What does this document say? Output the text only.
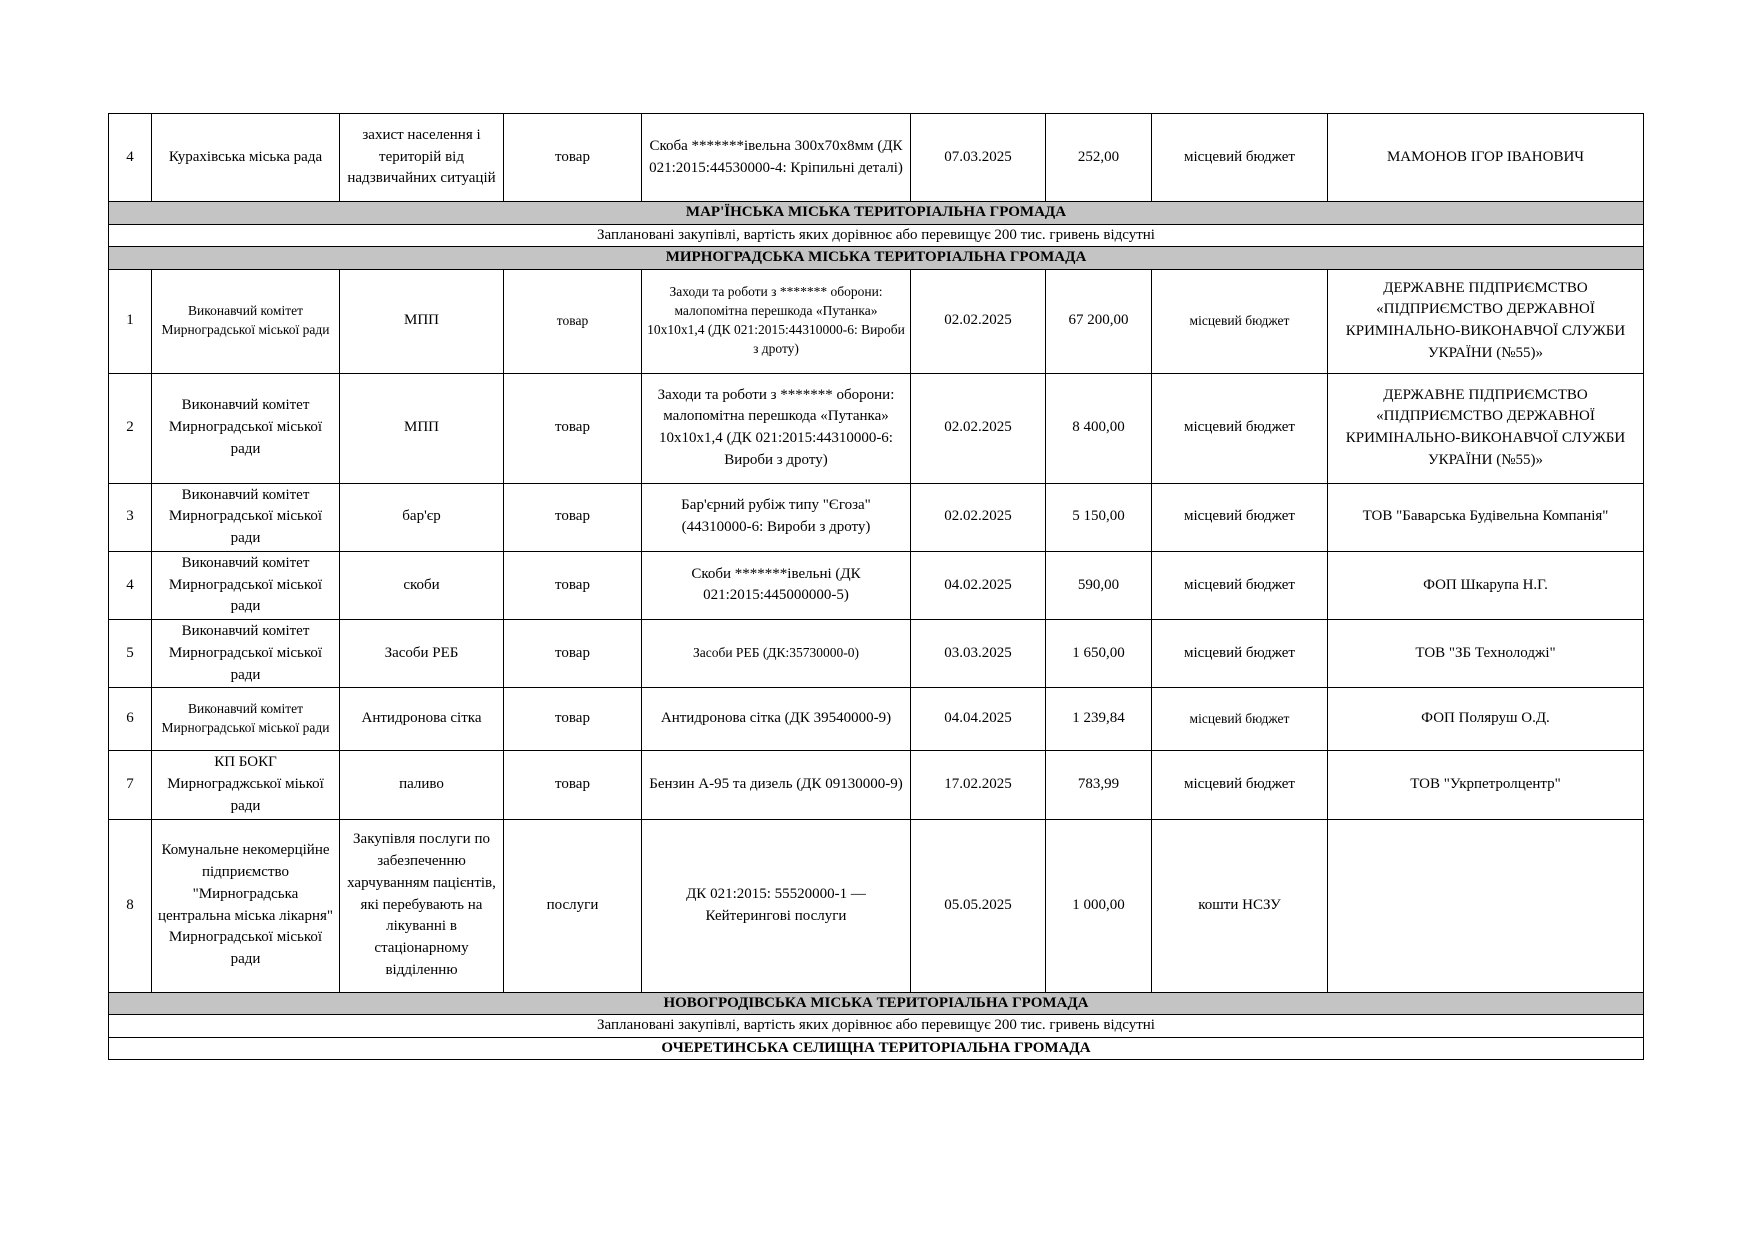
4	Курахівська міська рада	захист населення і територій від надзвичайних ситуацій	товар	Скоба *******івельна 300х70х8мм (ДК 021:2015:44530000-4: Кріпильні деталі)	07.03.2025	252,00	місцевий бюджет	МАМОНОВ ІГОР ІВАНОВИЧ
МАР'ЇНСЬКА МІСЬКА ТЕРИТОРІАЛЬНА ГРОМАДА								
Заплановані закупівлі, вартість яких дорівнює або перевищує 200 тис. гривень відсутні								
МИРНОГРАДСЬКА МІСЬКА ТЕРИТОРІАЛЬНА ГРОМАДА								
1	Виконавчий комітет Мирноградської міської ради	МПП	товар	Заходи та роботи з ******* оборони: малопомітна перешкода «Путанка» 10х10х1,4 (ДК 021:2015:44310000-6: Вироби з дроту)	02.02.2025	67 200,00	місцевий бюджет	ДЕРЖАВНЕ ПІДПРИЄМСТВО «ПІДПРИЄМСТВО ДЕРЖАВНОЇ КРИМІНАЛЬНО-ВИКОНАВЧОЇ СЛУЖБИ УКРАЇНИ (№55)»
2	Виконавчий комітет Мирноградської міської ради	МПП	товар	Заходи та роботи з ******* оборони: малопомітна перешкода «Путанка» 10х10х1,4 (ДК 021:2015:44310000-6: Вироби з дроту)	02.02.2025	8 400,00	місцевий бюджет	ДЕРЖАВНЕ ПІДПРИЄМСТВО «ПІДПРИЄМСТВО ДЕРЖАВНОЇ КРИМІНАЛЬНО-ВИКОНАВЧОЇ СЛУЖБИ УКРАЇНИ (№55)»
3	Виконавчий комітет Мирноградської міської ради	бар'єр	товар	Бар'єрний рубіж типу "Єгоза" (44310000-6: Вироби з дроту)	02.02.2025	5 150,00	місцевий бюджет	ТОВ "Баварська Будівельна Компанія"
4	Виконавчий комітет Мирноградської міської ради	скоби	товар	Скоби *******івельні (ДК 021:2015:445000000-5)	04.02.2025	590,00	місцевий бюджет	ФОП Шкарупа Н.Г.
5	Виконавчий комітет Мирноградської міської ради	Засоби РЕБ	товар	Засоби РЕБ (ДК:35730000-0)	03.03.2025	1 650,00	місцевий бюджет	ТОВ "ЗБ Технолоджі"
6	Виконавчий комітет Мирноградської міської ради	Антидронова сітка	товар	Антидронова сітка (ДК 39540000-9)	04.04.2025	1 239,84	місцевий бюджет	ФОП Поляруш О.Д.
7	КП БОКГ Мирнограджської міької ради	паливо	товар	Бензин А-95 та дизель (ДК 09130000-9)	17.02.2025	783,99	місцевий бюджет	ТОВ "Укрпетролцентр"
8	Комунальне некомерційне підприємство "Мирноградська центральна міська лікарня" Мирноградської міської ради	Закупівля послуги по забезпеченню харчуванням пацієнтів, які перебувають на лікуванні в стаціонарному відділенню	послуги	ДК 021:2015: 55520000-1 — Кейтерингові послуги	05.05.2025	1 000,00	кошти НСЗУ	
НОВОГРОДІВСЬКА МІСЬКА ТЕРИТОРІАЛЬНА ГРОМАДА								
Заплановані закупівлі, вартість яких дорівнює або перевищує 200 тис. гривень відсутні								
ОЧЕРЕТИНСЬКА СЕЛИЩНА ТЕРИТОРІАЛЬНА ГРОМАДА								
